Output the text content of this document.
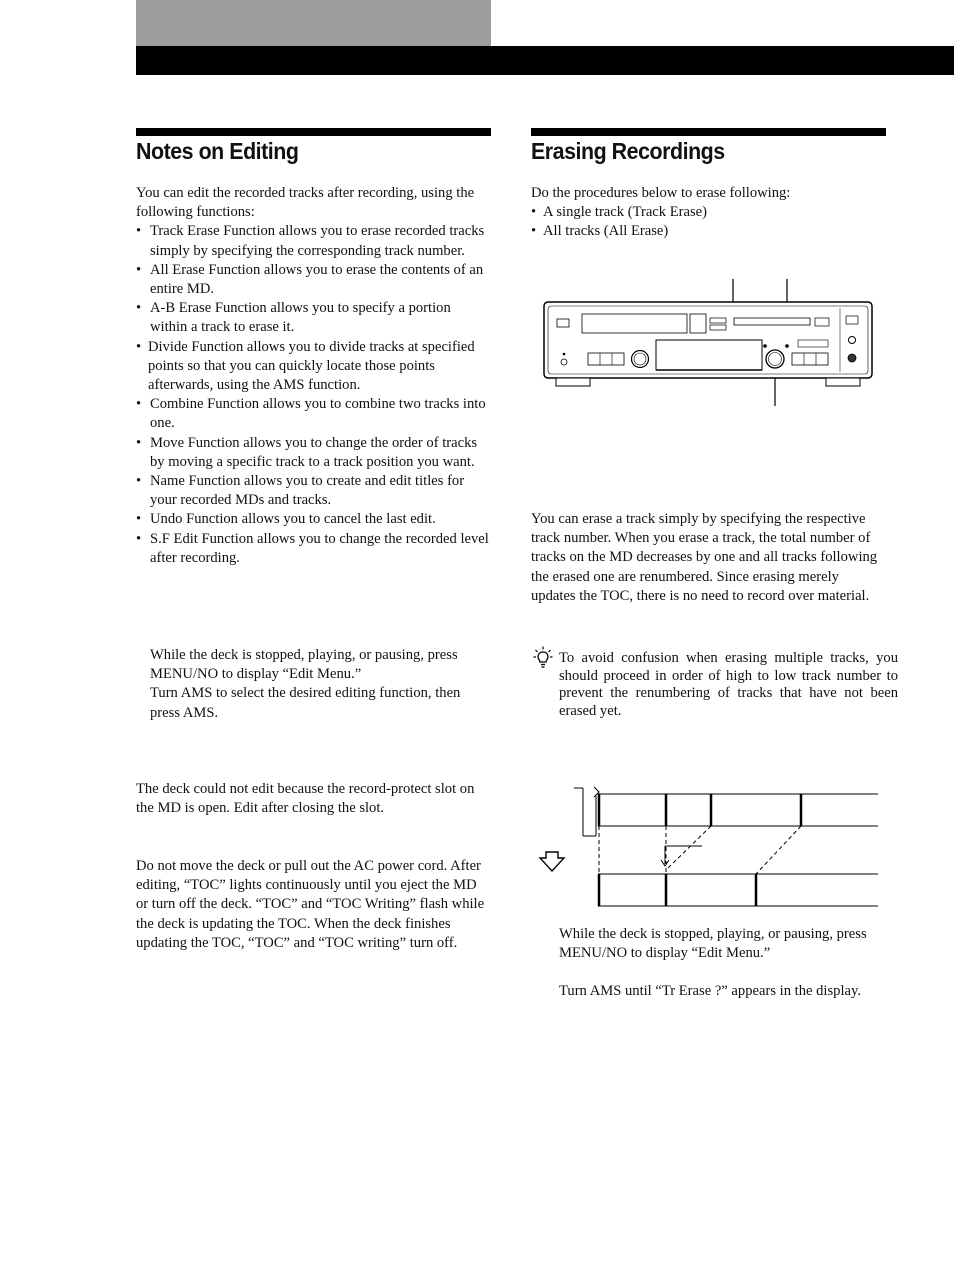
Notes on Editing

You can edit the recorded tracks after recording, using the following functions:

• Track Erase Function allows you to erase recorded tracks simply by specifying the corresponding track number.
• All Erase Function allows you to erase the contents of an entire MD.
• A-B Erase Function allows you to specify a portion within a track to erase it.
• Divide Function allows you to divide tracks at specified points so that you can quickly locate those points afterwards, using the AMS function.
• Combine Function allows you to combine two tracks into one.
• Move Function allows you to change the order of tracks by moving a specific track to a track position you want.
• Name Function allows you to create and edit titles for your recorded MDs and tracks.
• Undo Function allows you to cancel the last edit.
• S.F Edit Function allows you to change the recorded level after recording.

While the deck is stopped, playing, or pausing, press MENU/NO to display “Edit Menu.”

Turn AMS to select the desired editing function, then press AMS.

The deck could not edit because the record-protect slot on the MD is open. Edit after closing the slot.

Do not move the deck or pull out the AC power cord. After editing, “TOC” lights continuously until you eject the MD or turn off the deck. “TOC” and “TOC Writing” flash while the deck is updating the TOC. When the deck finishes updating the TOC, “TOC” and “TOC writing” turn off.

Erasing Recordings

Do the procedures below to erase following:

• A single track (Track Erase)
• All tracks (All Erase)

You can erase a track simply by specifying the respective track number. When you erase a track, the total number of tracks on the MD decreases by one and all tracks following the erased one are renumbered. Since erasing merely updates the TOC, there is no need to record over material.

To avoid confusion when erasing multiple tracks, you should proceed in order of high to low track number to prevent the renumbering of tracks that have not been erased yet.

While the deck is stopped, playing, or pausing, press MENU/NO to display “Edit Menu.”

Turn AMS until “Tr Erase ?” appears in the display.
